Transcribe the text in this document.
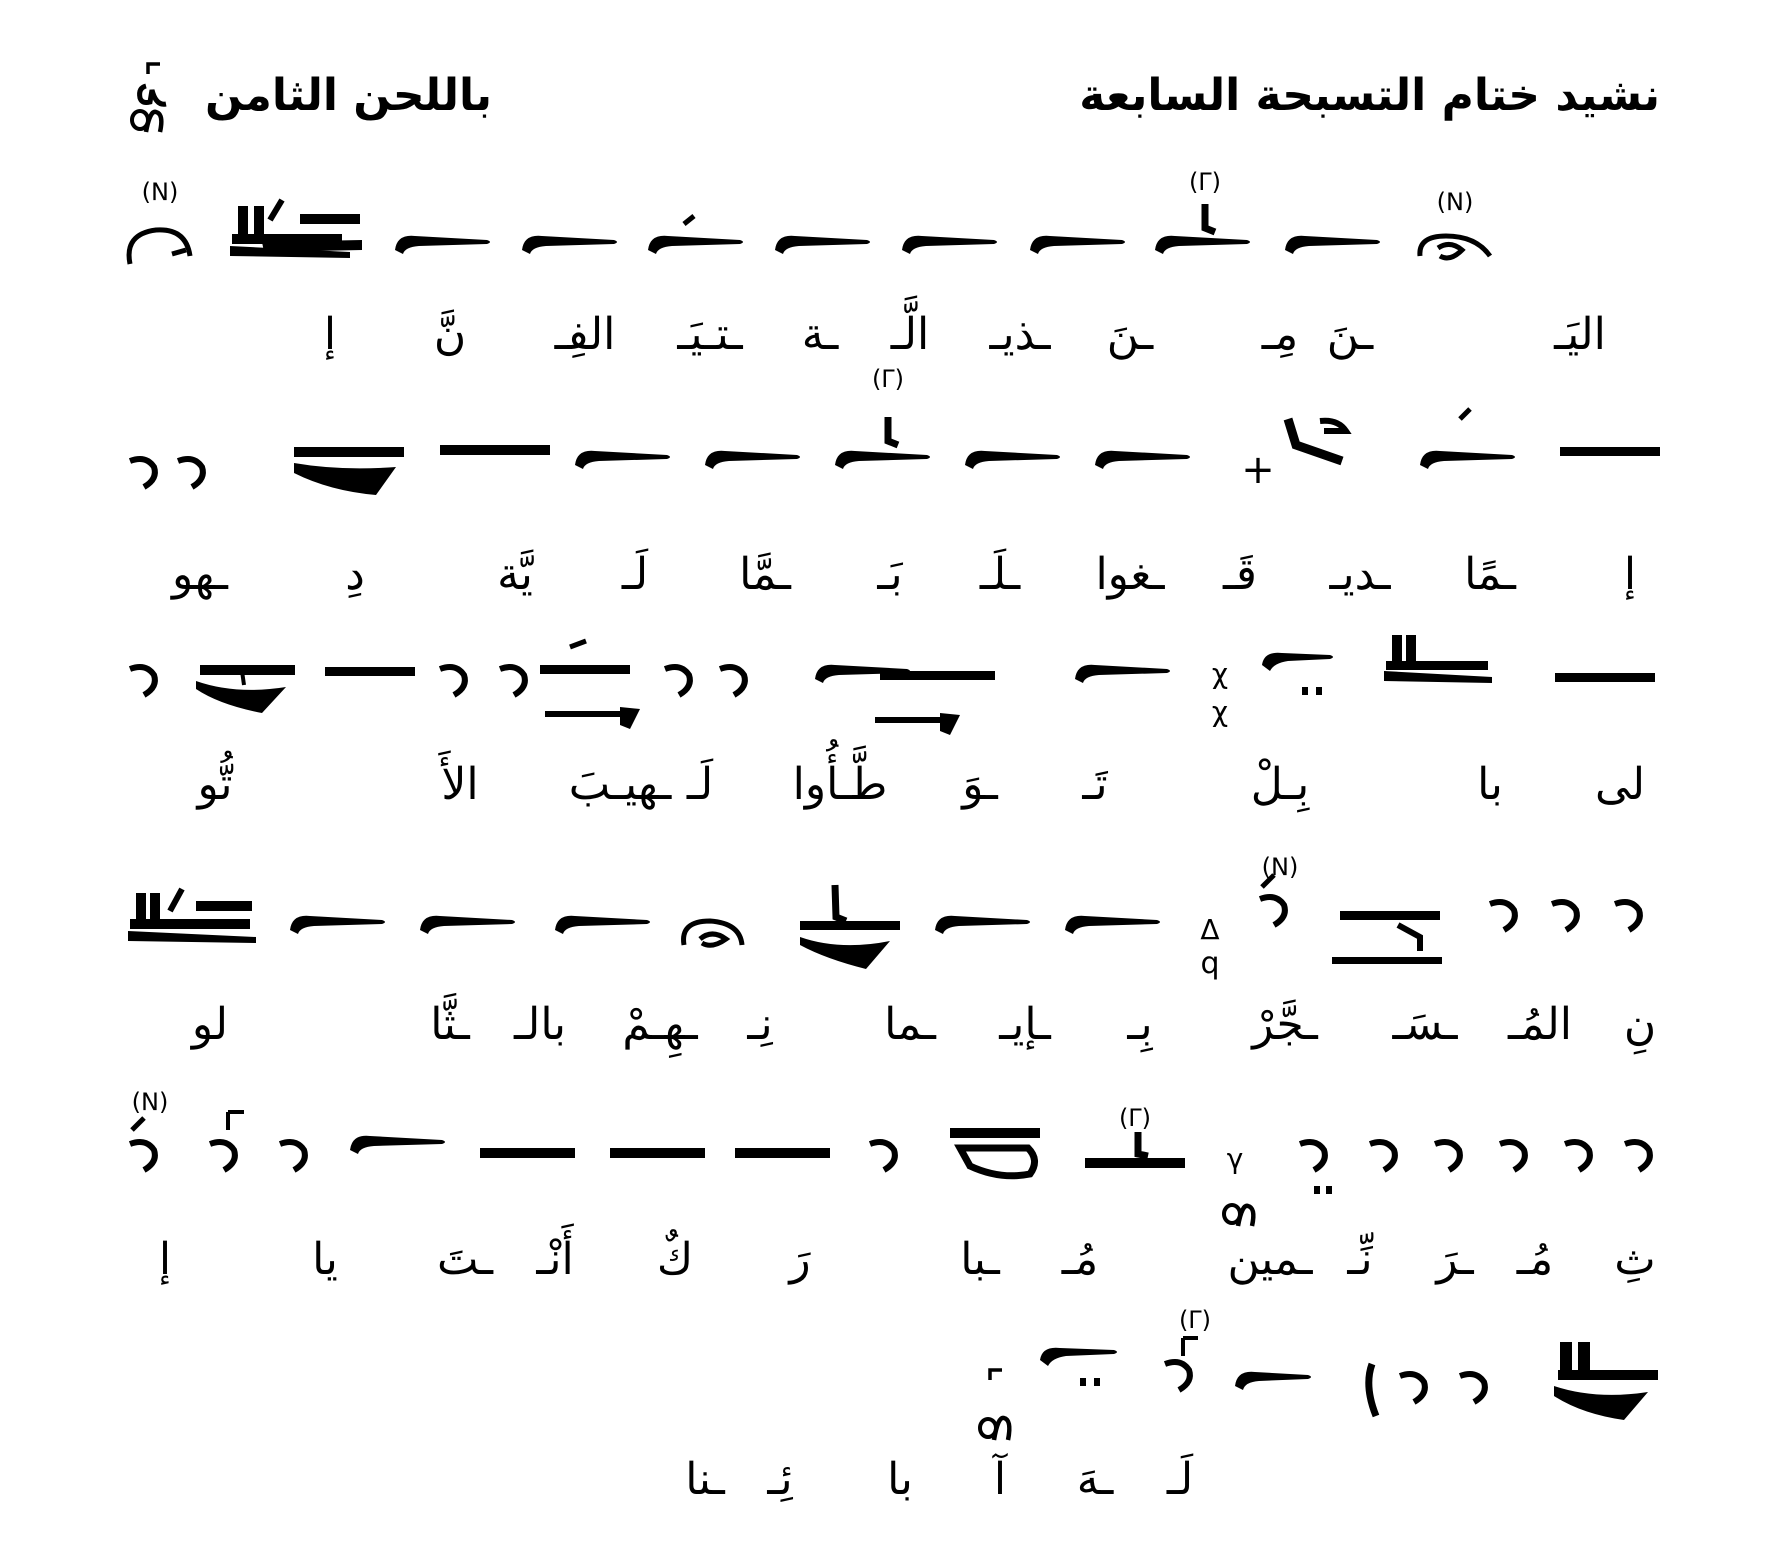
نشيد ختام التسبحة السابعة
باللحن الثامن
(Ν)	(Γ)
(Ν)
إ نَّ الفِـ ـتـيَـ ـة الَّـ ـذيـ ـنَ مِـ ـنَ	اليَـ
(Γ)
+
ـهو	دِ	يَّة لَـ ـمَّا بَـ ـلَـ ـغوا قَـ ـديـ ـمًا إ
χ
χ
لى
با
بِـلْ
تَـ
ـوَ
طَّـأُوا
لَـ
ـهيـبَ
الأَ
تُّو
Δ
q
(Ν)
نِ
المُـ
ـسَـ
ـجَّرْ
بِـ
ـإيـ
ـما
نِـ
ـهِـمْ
بالـ
ـثَّا
لو
(Ν)
(Γ)
γ
ثِ
مُـ
ـرَ
نِّـ
ـمين
مُـ
ـبا
رَ
كٌ
أَنْـ
ـتَ
يا
إ
(Γ)
ـنا ئِـ با آ ـهَ لَـ
